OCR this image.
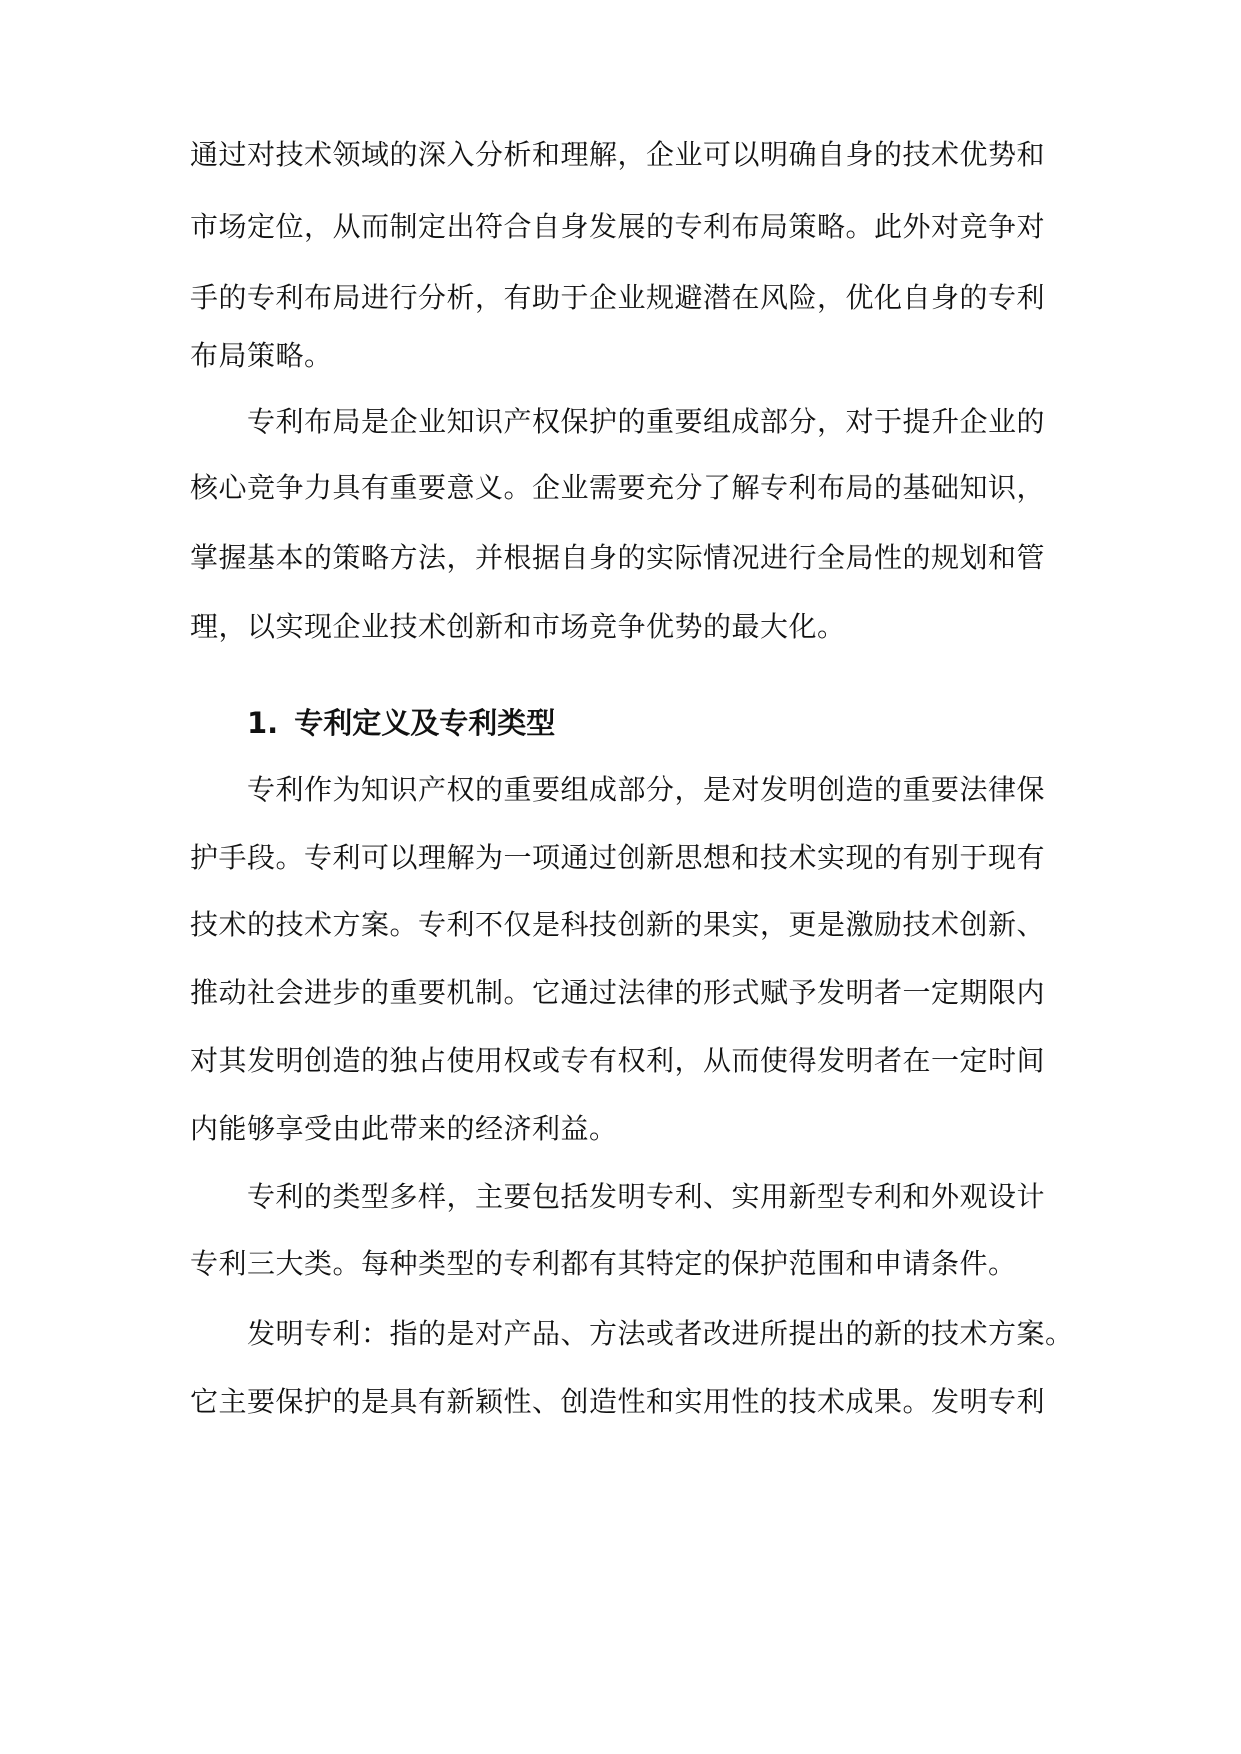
通过对技术领域的深入分析和理解，企业可以明确自身的技术优势和
市场定位，从而制定出符合自身发展的专利布局策略。此外对竞争对
手的专利布局进行分析，有助于企业规避潜在风险，优化自身的专利
布局策略。
专利布局是企业知识产权保护的重要组成部分，对于提升企业的
核心竞争力具有重要意义。企业需要充分了解专利布局的基础知识，
掌握基本的策略方法，并根据自身的实际情况进行全局性的规划和管
理，以实现企业技术创新和市场竞争优势的最大化。
1. 专利定义及专利类型
专利作为知识产权的重要组成部分，是对发明创造的重要法律保
护手段。专利可以理解为一项通过创新思想和技术实现的有别于现有
技术的技术方案。专利不仅是科技创新的果实，更是激励技术创新、
推动社会进步的重要机制。它通过法律的形式赋予发明者一定期限内
对其发明创造的独占使用权或专有权利，从而使得发明者在一定时间
内能够享受由此带来的经济利益。
专利的类型多样，主要包括发明专利、实用新型专利和外观设计
专利三大类。每种类型的专利都有其特定的保护范围和申请条件。
发明专利：指的是对产品、方法或者改进所提出的新的技术方案。
它主要保护的是具有新颖性、创造性和实用性的技术成果。发明专利
